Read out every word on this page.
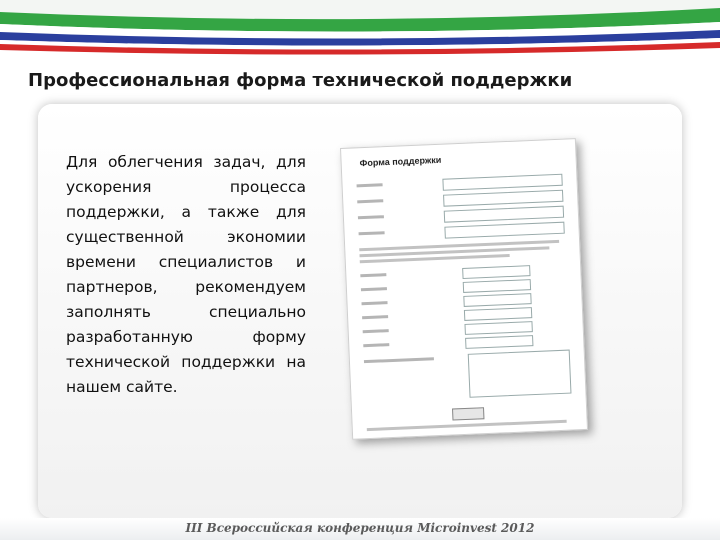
Профессиональная форма технической поддержки
Для облегчения задач, для ускорения процесса поддержки, а также для существенной экономии времени специалистов и партнеров, рекомендуем заполнять специально разработанную форму технической поддержки на нашем сайте.
Форма поддержки
III Всероссийская конференция Microinvest 2012
